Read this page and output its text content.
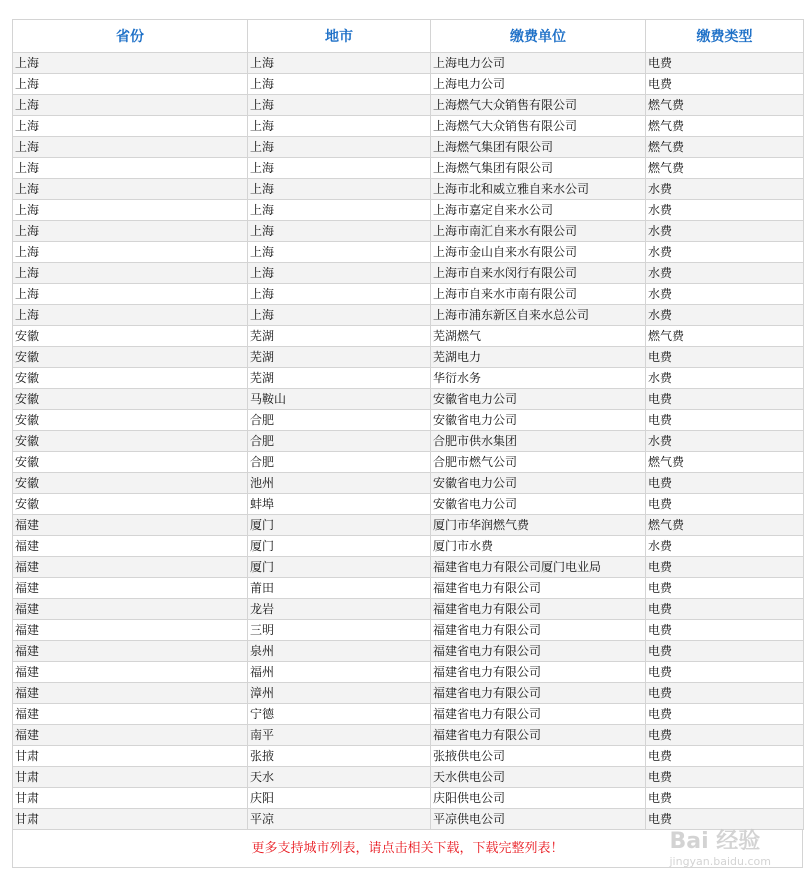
省份	地市	缴费单位	缴费类型
上海	上海	上海电力公司	电费
上海	上海	上海电力公司	电费
上海	上海	上海燃气大众销售有限公司	燃气费
上海	上海	上海燃气大众销售有限公司	燃气费
上海	上海	上海燃气集团有限公司	燃气费
上海	上海	上海燃气集团有限公司	燃气费
上海	上海	上海市北和威立雅自来水公司	水费
上海	上海	上海市嘉定自来水公司	水费
上海	上海	上海市南汇自来水有限公司	水费
上海	上海	上海市金山自来水有限公司	水费
上海	上海	上海市自来水闵行有限公司	水费
上海	上海	上海市自来水市南有限公司	水费
上海	上海	上海市浦东新区自来水总公司	水费
安徽	芜湖	芜湖燃气	燃气费
安徽	芜湖	芜湖电力	电费
安徽	芜湖	华衍水务	水费
安徽	马鞍山	安徽省电力公司	电费
安徽	合肥	安徽省电力公司	电费
安徽	合肥	合肥市供水集团	水费
安徽	合肥	合肥市燃气公司	燃气费
安徽	池州	安徽省电力公司	电费
安徽	蚌埠	安徽省电力公司	电费
福建	厦门	厦门市华润燃气费	燃气费
福建	厦门	厦门市水费	水费
福建	厦门	福建省电力有限公司厦门电业局	电费
福建	莆田	福建省电力有限公司	电费
福建	龙岩	福建省电力有限公司	电费
福建	三明	福建省电力有限公司	电费
福建	泉州	福建省电力有限公司	电费
福建	福州	福建省电力有限公司	电费
福建	漳州	福建省电力有限公司	电费
福建	宁德	福建省电力有限公司	电费
福建	南平	福建省电力有限公司	电费
甘肃	张掖	张掖供电公司	电费
甘肃	天水	天水供电公司	电费
甘肃	庆阳	庆阳供电公司	电费
甘肃	平凉	平凉供电公司	电费
更多支持城市列表，请点击相关下载，下载完整列表！	Bai 经验
jingyan.baidu.com
